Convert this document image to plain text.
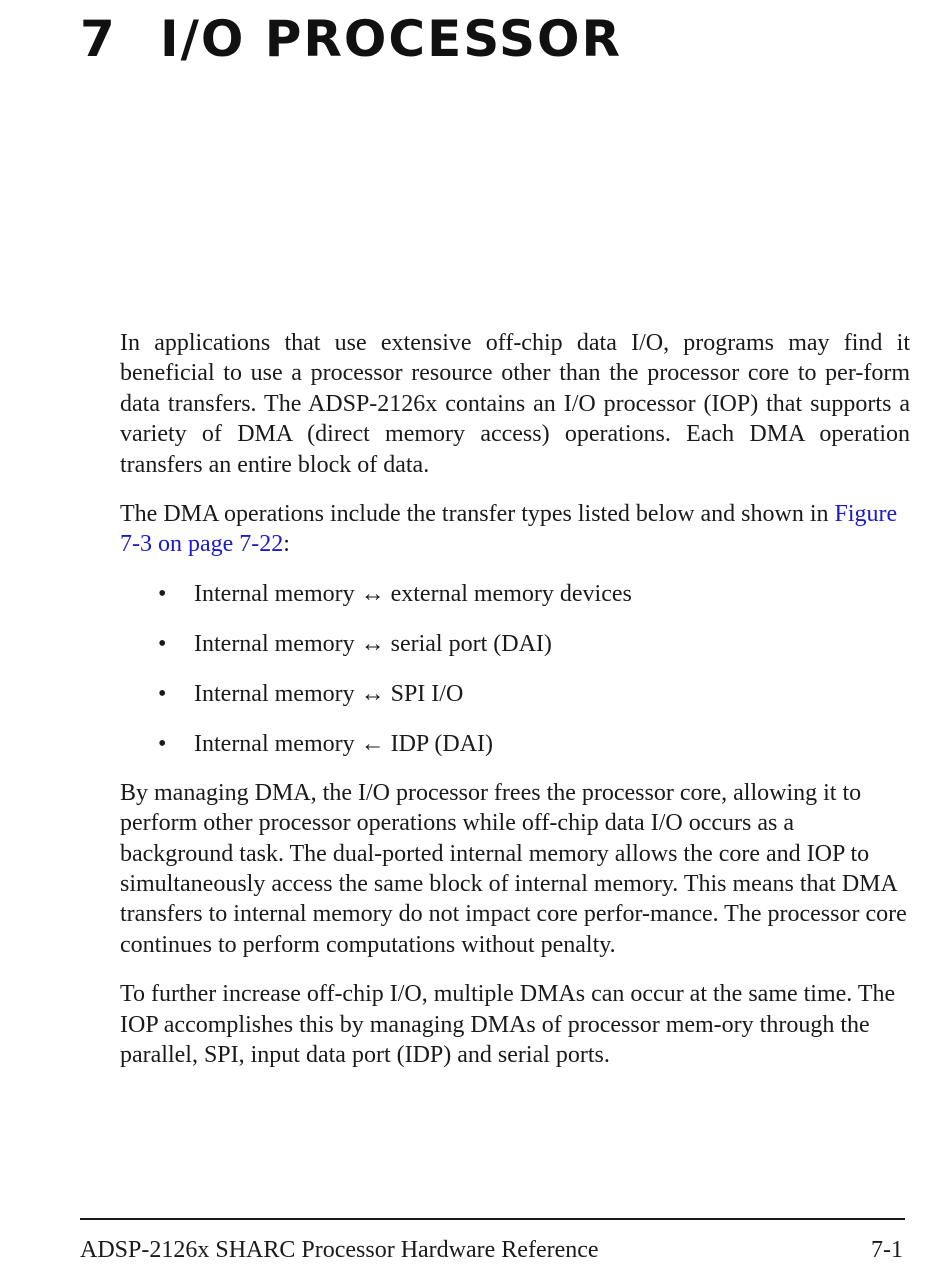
7 I/O PROCESSOR

In applications that use extensive off-chip data I/O, programs may find it beneficial to use a processor resource other than the processor core to per-form data transfers. The ADSP-2126x contains an I/O processor (IOP) that supports a variety of DMA (direct memory access) operations. Each DMA operation transfers an entire block of data.

The DMA operations include the transfer types listed below and shown in Figure 7-3 on page 7-22:

• Internal memory ↔ external memory devices
• Internal memory ↔ serial port (DAI)
• Internal memory ↔ SPI I/O
• Internal memory ← IDP (DAI)

By managing DMA, the I/O processor frees the processor core, allowing it to perform other processor operations while off-chip data I/O occurs as a background task. The dual-ported internal memory allows the core and IOP to simultaneously access the same block of internal memory. This means that DMA transfers to internal memory do not impact core perfor-mance. The processor core continues to perform computations without penalty.

To further increase off-chip I/O, multiple DMAs can occur at the same time. The IOP accomplishes this by managing DMAs of processor mem-ory through the parallel, SPI, input data port (IDP) and serial ports.

ADSP-2126x SHARC Processor Hardware Reference	7-1
